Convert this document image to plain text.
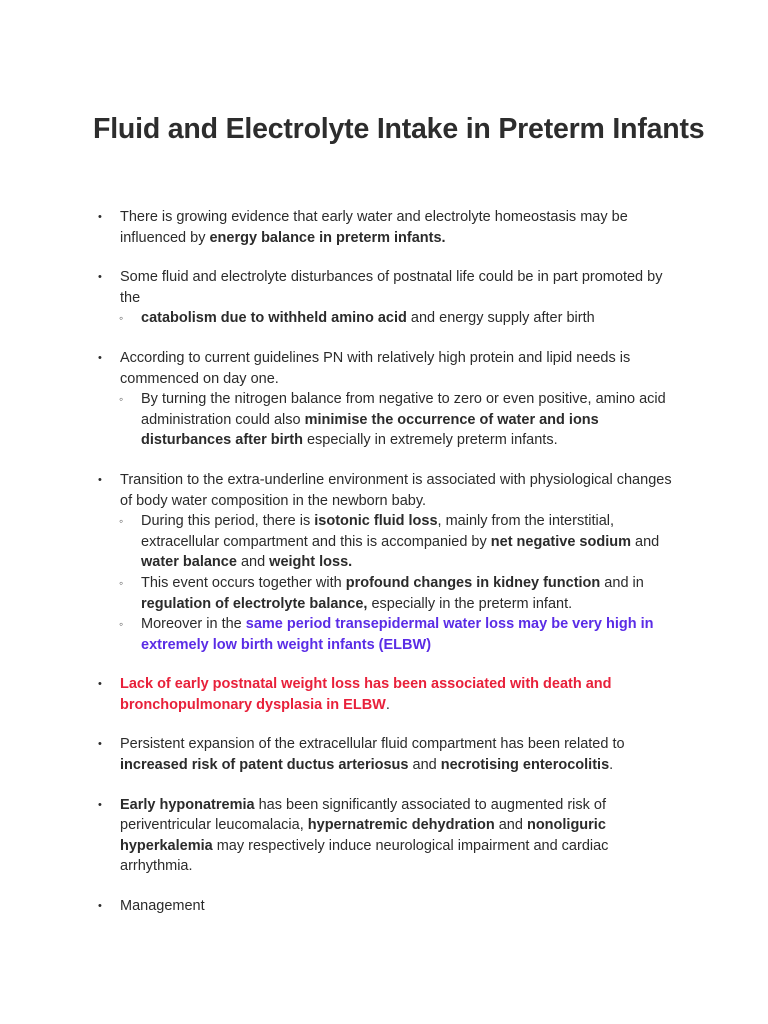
Fluid and Electrolyte Intake in Preterm Infants
• There is growing evidence that early water and electrolyte homeostasis may be influenced by energy balance in preterm infants.
• Some fluid and electrolyte disturbances of postnatal life could be in part promoted by the
◦ catabolism due to withheld amino acid and energy supply after birth
• According to current guidelines PN with relatively high protein and lipid needs is commenced on day one.
◦ By turning the nitrogen balance from negative to zero or even positive, amino acid administration could also minimise the occurrence of water and ions disturbances after birth especially in extremely preterm infants.
• Transition to the extra-underline environment is associated with physiological changes of body water composition in the newborn baby.
◦ During this period, there is isotonic fluid loss, mainly from the interstitial, extracellular compartment and this is accompanied by net negative sodium and water balance and weight loss.
◦ This event occurs together with profound changes in kidney function and in regulation of electrolyte balance, especially in the preterm infant.
◦ Moreover in the same period transepidermal water loss may be very high in extremely low birth weight infants (ELBW)
• Lack of early postnatal weight loss has been associated with death and bronchopulmonary dysplasia in ELBW.
• Persistent expansion of the extracellular fluid compartment has been related to increased risk of patent ductus arteriosus and necrotising enterocolitis.
• Early hyponatremia has been significantly associated to augmented risk of periventricular leucomalacia, hypernatremic dehydration and nonoliguric hyperkalemia may respectively induce neurological impairment and cardiac arrhythmia.
• Management
